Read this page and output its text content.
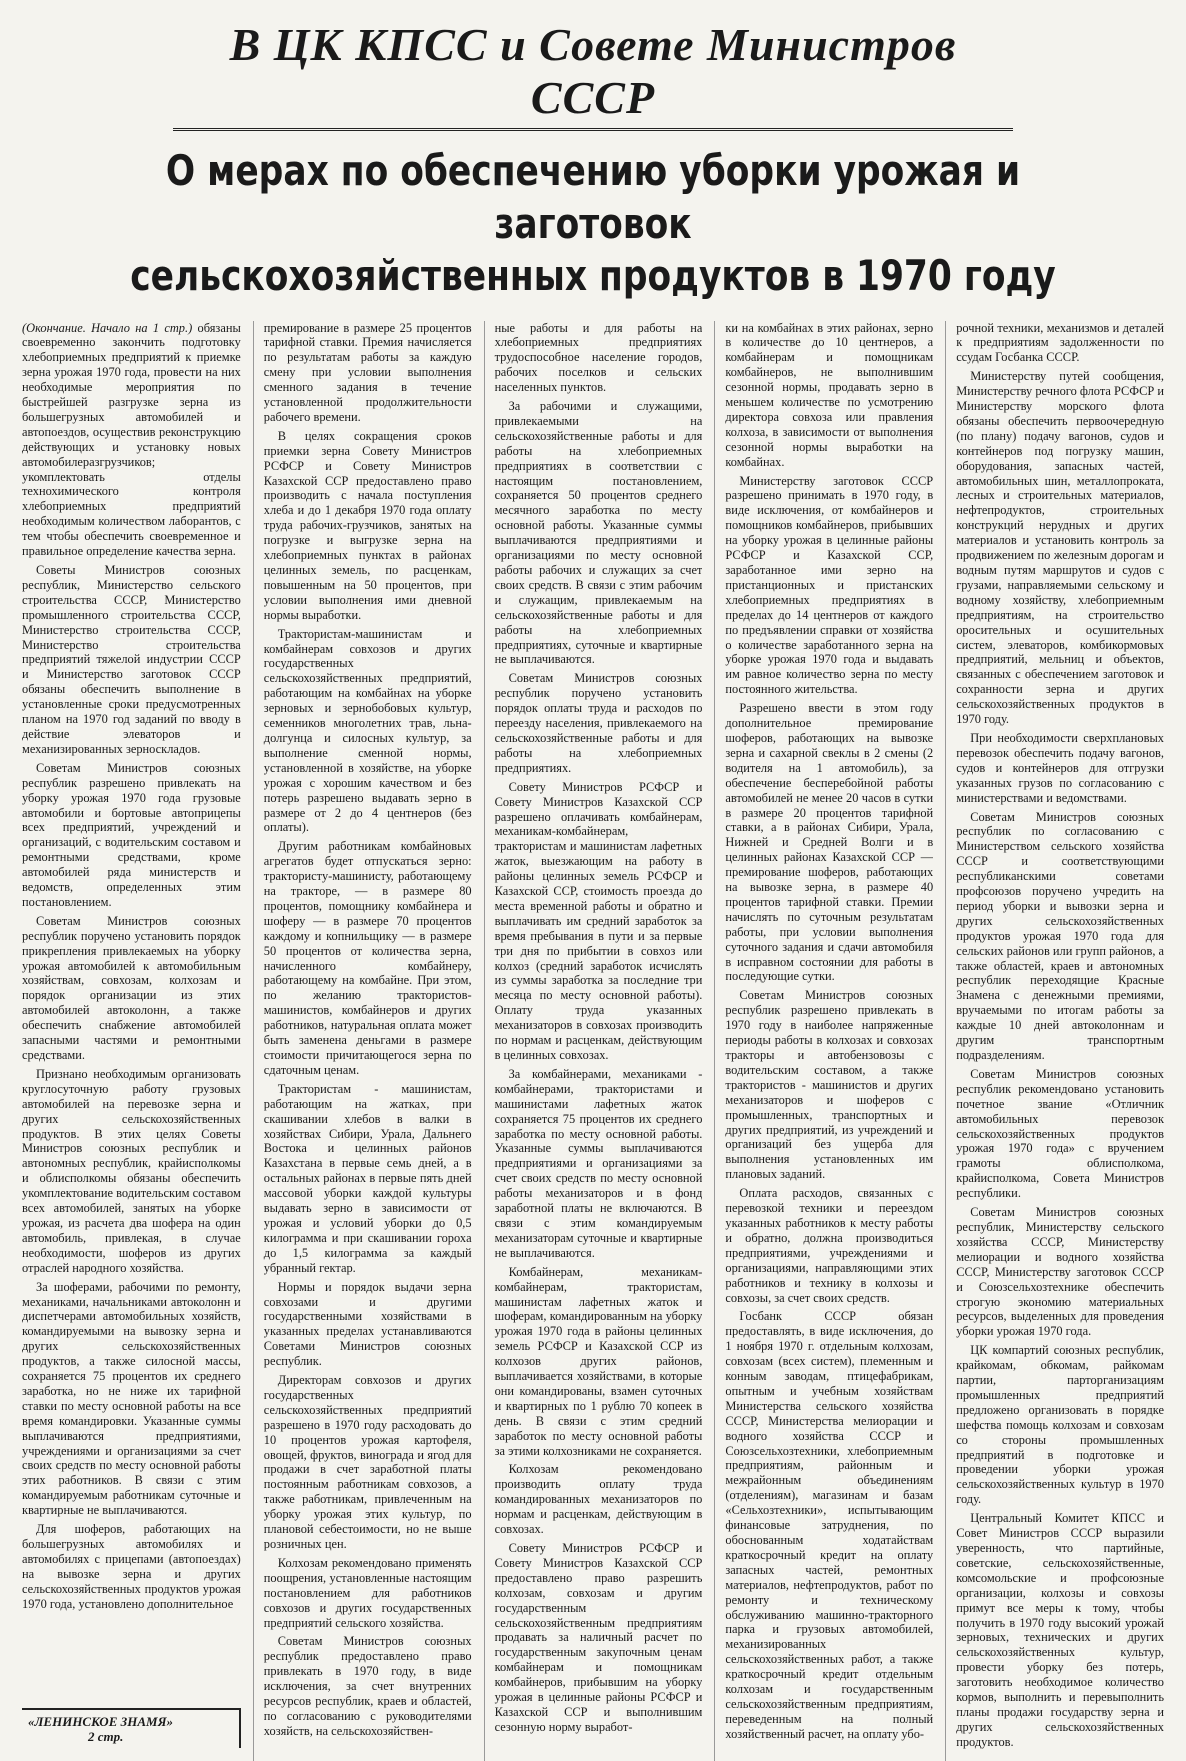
В ЦК КПСС и Совете Министров СССР
О мерах по обеспечению уборки урожая и заготовок
сельскохозяйственных продуктов в 1970 году

(Окончание. Начало на 1 стр.) обязаны своевременно закончить подготовку хлебоприемных предприятий к приемке зерна урожая 1970 года, провести на них необходимые мероприятия по быстрейшей разгрузке зерна из большегрузных автомобилей и автопоездов, осуществив реконструкцию действующих и установку новых автомобилеразгрузчиков; укомплектовать отделы технохимического контроля хлебоприемных предприятий необходимым количеством лаборантов, с тем чтобы обеспечить своевременное и правильное определение качества зерна.

Советы Министров союзных республик, Министерство сельского строительства СССР, Министерство промышленного строительства СССР, Министерство строительства СССР, Министерство строительства предприятий тяжелой индустрии СССР и Министерство заготовок СССР обязаны обеспечить выполнение в установленные сроки предусмотренных планом на 1970 год заданий по вводу в действие элеваторов и механизированных зерноскладов.

Советам Министров союзных республик разрешено привлекать на уборку урожая 1970 года грузовые автомобили и бортовые автоприцепы всех предприятий, учреждений и организаций, с водительским составом и ремонтными средствами, кроме автомобилей ряда министерств и ведомств, определенных этим постановлением.

Советам Министров союзных республик поручено установить порядок прикрепления привлекаемых на уборку урожая автомобилей к автомобильным хозяйствам, совхозам, колхозам и порядок организации из этих автомобилей автоколонн, а также обеспечить снабжение автомобилей запасными частями и ремонтными средствами.

Признано необходимым организовать круглосуточную работу грузовых автомобилей на перевозке зерна и других сельскохозяйственных продуктов. В этих целях Советы Министров союзных республик и автономных республик, крайисполкомы и облисполкомы обязаны обеспечить укомплектование водительским составом всех автомобилей, занятых на уборке урожая, из расчета два шофера на один автомобиль, привлекая, в случае необходимости, шоферов из других отраслей народного хозяйства.

За шоферами, рабочими по ремонту, механиками, начальниками автоколонн и диспетчерами автомобильных хозяйств, командируемыми на вывозку зерна и других сельскохозяйственных продуктов, а также силосной массы, сохраняется 75 процентов их среднего заработка, но не ниже их тарифной ставки по месту основной работы на все время командировки. Указанные суммы выплачиваются предприятиями, учреждениями и организациями за счет своих средств по месту основной работы этих работников. В связи с этим командируемым работникам суточные и квартирные не выплачиваются.

Для шоферов, работающих на большегрузных автомобилях и автомобилях с прицепами (автопоездах) на вывозке зерна и других сельскохозяйственных продуктов урожая 1970 года, установлено дополнительное

премирование в размере 25 процентов тарифной ставки. Премия начисляется по результатам работы за каждую смену при условии выполнения сменного задания в течение установленной продолжительности рабочего времени.

В целях сокращения сроков приемки зерна Совету Министров РСФСР и Совету Министров Казахской ССР предоставлено право производить с начала поступления хлеба и до 1 декабря 1970 года оплату труда рабочих-грузчиков, занятых на погрузке и выгрузке зерна на хлебоприемных пунктах в районах целинных земель, по расценкам, повышенным на 50 процентов, при условии выполнения ими дневной нормы выработки.

Трактористам-машинистам и комбайнерам совхозов и других государственных сельскохозяйственных предприятий, работающим на комбайнах на уборке зерновых и зернобобовых культур, семенников многолетних трав, льна-долгунца и силосных культур, за выполнение сменной нормы, установленной в хозяйстве, на уборке урожая с хорошим качеством и без потерь разрешено выдавать зерно в размере от 2 до 4 центнеров (без оплаты).

Другим работникам комбайновых агрегатов будет отпускаться зерно: трактористу-машинисту, работающему на тракторе, — в размере 80 процентов, помощнику комбайнера и шоферу — в размере 70 процентов каждому и копнильщику — в размере 50 процентов от количества зерна, начисленного комбайнеру, работающему на комбайне. При этом, по желанию трактористов-машинистов, комбайнеров и других работников, натуральная оплата может быть заменена деньгами в размере стоимости причитающегося зерна по сдаточным ценам.

Трактористам - машинистам, работающим на жатках, при скашивании хлебов в валки в хозяйствах Сибири, Урала, Дальнего Востока и целинных районов Казахстана в первые семь дней, а в остальных районах в первые пять дней массовой уборки каждой культуры выдавать зерно в зависимости от урожая и условий уборки до 0,5 килограмма и при скашивании горохa до 1,5 килограмма за каждый убранный гектар.

Нормы и порядок выдачи зерна совхозами и другими государственными хозяйствами в указанных пределах устанавливаются Советами Министров союзных республик.

Директорам совхозов и других государственных сельскохозяйственных предприятий разрешено в 1970 году расходовать до 10 процентов урожая картофеля, овощей, фруктов, винограда и ягод для продажи в счет заработной платы постоянным работникам совхозов, а также работникам, привлеченным на уборку урожая этих культур, по плановой себестоимости, но не выше розничных цен.

Колхозам рекомендовано применять поощрения, установленные настоящим постановлением для работников совхозов и других государственных предприятий сельского хозяйства.

Советам Министров союзных республик предоставлено право привлекать в 1970 году, в виде исключения, за счет внутренних ресурсов республик, краев и областей, по согласованию с руководителями хозяйств, на сельскохозяйствен-

ные работы и для работы на хлебоприемных предприятиях трудоспособное население городов, рабочих поселков и сельских населенных пунктов.

За рабочими и служащими, привлекаемыми на сельскохозяйственные работы и для работы на хлебоприемных предприятиях в соответствии с настоящим постановлением, сохраняется 50 процентов среднего месячного заработка по месту основной работы. Указанные суммы выплачиваются предприятиями и организациями по месту основной работы рабочих и служащих за счет своих средств. В связи с этим рабочим и служащим, привлекаемым на сельскохозяйственные работы и для работы на хлебоприемных предприятиях, суточные и квартирные не выплачиваются.

Советам Министров союзных республик поручено установить порядок оплаты труда и расходов по переезду населения, привлекаемого на сельскохозяйственные работы и для работы на хлебоприемных предприятиях.

Совету Министров РСФСР и Совету Министров Казахской ССР разрешено оплачивать комбайнерам, механикам-комбайнерам, трактористам и машинистам лафетных жаток, выезжающим на работу в районы целинных земель РСФСР и Казахской ССР, стоимость проезда до места временной работы и обратно и выплачивать им средний заработок за время пребывания в пути и за первые три дня по прибытии в совхоз или колхоз (средний заработок исчислять из суммы заработка за последние три месяца по месту основной работы). Оплату труда указанных механизаторов в совхозах производить по нормам и расценкам, действующим в целинных совхозах.

За комбайнерами, механиками - комбайнерами, трактористами и машинистами лафетных жаток сохраняется 75 процентов их среднего заработка по месту основной работы. Указанные суммы выплачиваются предприятиями и организациями за счет своих средств по месту основной работы механизаторов и в фонд заработной платы не включаются. В связи с этим командируемым механизаторам суточные и квартирные не выплачиваются.

Комбайнерам, механикам-комбайнерам, трактористам, машинистам лафетных жаток и шоферам, командированным на уборку урожая 1970 года в районы целинных земель РСФСР и Казахской ССР из колхозов других районов, выплачивается хозяйствами, в которые они командированы, взамен суточных и квартирных по 1 рублю 70 копеек в день. В связи с этим средний заработок по месту основной работы за этими колхозниками не сохраняется.

Колхозам рекомендовано производить оплату труда командированных механизаторов по нормам и расценкам, действующим в совхозах.

Совету Министров РСФСР и Совету Министров Казахской ССР предоставлено право разрешить колхозам, совхозам и другим государственным сельскохозяйственным предприятиям продавать за наличный расчет по государственным закупочным ценам комбайнерам и помощникам комбайнеров, прибывшим на уборку урожая в целинные районы РСФСР и Казахской ССР и выполнившим сезонную норму выработ-

ки на комбайнах в этих районах, зерно в количестве до 10 центнеров, а комбайнерам и помощникам комбайнеров, не выполнившим сезонной нормы, продавать зерно в меньшем количестве по усмотрению директора совхоза или правления колхоза, в зависимости от выполнения сезонной нормы выработки на комбайнах.

Министерству заготовок СССР разрешено принимать в 1970 году, в виде исключения, от комбайнеров и помощников комбайнеров, прибывших на уборку урожая в целинные районы РСФСР и Казахской ССР, заработанное ими зерно на пристанционных и пристанских хлебоприемных предприятиях в пределах до 14 центнеров от каждого по предъявлении справки от хозяйства о количестве заработанного зерна на уборке урожая 1970 года и выдавать им равное количество зерна по месту постоянного жительства.

Разрешено ввести в этом году дополнительное премирование шоферов, работающих на вывозке зерна и сахарной свеклы в 2 смены (2 водителя на 1 автомобиль), за обеспечение бесперебойной работы автомобилей не менее 20 часов в сутки в размере 20 процентов тарифной ставки, а в районах Сибири, Урала, Нижней и Средней Волги и в целинных районах Казахской ССР — премирование шоферов, работающих на вывозке зерна, в размере 40 процентов тарифной ставки. Премии начислять по суточным результатам работы, при условии выполнения суточного задания и сдачи автомобиля в исправном состоянии для работы в последующие сутки.

Советам Министров союзных республик разрешено привлекать в 1970 году в наиболее напряженные периоды работы в колхозах и совхозах тракторы и автобензовозы с водительским составом, а также трактористов - машинистов и других механизаторов и шоферов с промышленных, транспортных и других предприятий, из учреждений и организаций без ущерба для выполнения установленных им плановых заданий.

Оплата расходов, связанных с перевозкой техники и переездом указанных работников к месту работы и обратно, должна производиться предприятиями, учреждениями и организациями, направляющими этих работников и технику в колхозы и совхозы, за счет своих средств.

Госбанк СССР обязан предоставлять, в виде исключения, до 1 ноября 1970 г. отдельным колхозам, совхозам (всех систем), племенным и конным заводам, птицефабрикам, опытным и учебным хозяйствам Министерства сельского хозяйства СССР, Министерства мелиорации и водного хозяйства СССР и Союзсельхозтехники, хлебоприемным предприятиям, районным и межрайонным объединениям (отделениям), магазинам и базам «Сельхозтехники», испытывающим финансовые затруднения, по обоснованным ходатайствам краткосрочный кредит на оплату запасных частей, ремонтных материалов, нефтепродуктов, работ по ремонту и техническому обслуживанию машинно-тракторного парка и грузовых автомобилей, механизированных сельскохозяйственных работ, а также краткосрочный кредит отдельным колхозам и государственным сельскохозяйственным предприятиям, переведенным на полный хозяйственный расчет, на оплату убо-

рочной техники, механизмов и деталей к предприятиям задолженности по ссудам Госбанка СССР.

Министерству путей сообщения, Министерству речного флота РСФСР и Министерству морского флота обязаны обеспечить первоочередную (по плану) подачу вагонов, судов и контейнеров под погрузку машин, оборудования, запасных частей, автомобильных шин, металлопроката, лесных и строительных материалов, нефтепродуктов, строительных конструкций нерудных и других материалов и установить контроль за продвижением по железным дорогам и водным путям маршрутов и судов с грузами, направляемыми сельскому и водному хозяйству, хлебоприемным предприятиям, на строительство оросительных и осушительных систем, элеваторов, комбикормовых предприятий, мельниц и объектов, связанных с обеспечением заготовок и сохранности зерна и других сельскохозяйственных продуктов в 1970 году.

При необходимости сверхплановых перевозок обеспечить подачу вагонов, судов и контейнеров для отгрузки указанных грузов по согласованию с министерствами и ведомствами.

Советам Министров союзных республик по согласованию с Министерством сельского хозяйства СССР и соответствующими республиканскими советами профсоюзов поручено учредить на период уборки и вывозки зерна и других сельскохозяйственных продуктов урожая 1970 года для сельских районов или групп районов, а также областей, краев и автономных республик переходящие Красные Знамена с денежными премиями, вручаемыми по итогам работы за каждые 10 дней автоколоннам и другим транспортным подразделениям.

Советам Министров союзных республик рекомендовано установить почетное звание «Отличник автомобильных перевозок сельскохозяйственных продуктов урожая 1970 года» с вручением грамоты облисполкома, крайисполкома, Совета Министров республики.

Советам Министров союзных республик, Министерству сельского хозяйства СССР, Министерству мелиорации и водного хозяйства СССР, Министерству заготовок СССР и Союзсельхозтехнике обеспечить строгую экономию материальных ресурсов, выделенных для проведения уборки урожая 1970 года.

ЦК компартий союзных республик, крайкомам, обкомам, райкомам партии, парторганизациям промышленных предприятий предложено организовать в порядке шефства помощь колхозам и совхозам со стороны промышленных предприятий в подготовке и проведении уборки урожая сельскохозяйственных культур в 1970 году.

Центральный Комитет КПСС и Совет Министров СССР выразили уверенность, что партийные, советские, сельскохозяйственные, комсомольские и профсоюзные организации, колхозы и совхозы примут все меры к тому, чтобы получить в 1970 году высокий урожай зерновых, технических и других сельскохозяйственных культур, провести уборку без потерь, заготовить необходимое количество кормов, выполнить и перевыполнить планы продажи государству зерна и других сельскохозяйственных продуктов.

«ЛЕНИНСКОЕ ЗНАМЯ»
2 стр.
